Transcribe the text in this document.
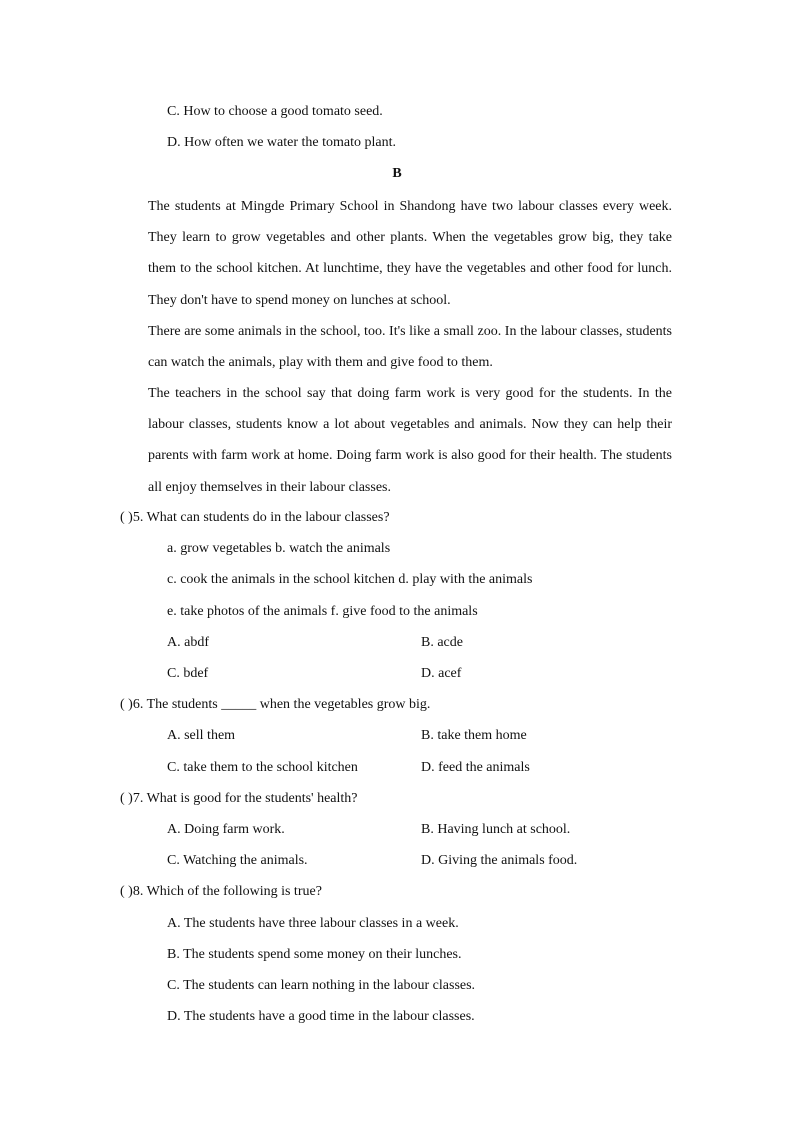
C. How to choose a good tomato seed.
D. How often we water the tomato plant.
B
The students at Mingde Primary School in Shandong have two labour classes every week. They learn to grow vegetables and other plants. When the vegetables grow big, they take them to the school kitchen. At lunchtime, they have the vegetables and other food for lunch. They don't have to spend money on lunches at school.
There are some animals in the school, too. It's like a small zoo. In the labour classes, students can watch the animals, play with them and give food to them.
The teachers in the school say that doing farm work is very good for the students. In the labour classes, students know a lot about vegetables and animals. Now they can help their parents with farm work at home. Doing farm work is also good for their health. The students all enjoy themselves in their labour classes.
( )5. What can students do in the labour classes?
a. grow vegetables b. watch the animals
c. cook the animals in the school kitchen d. play with the animals
e. take photos of the animals f. give food to the animals
A. abdf	B. acde
C. bdef	D. acef
( )6. The students _____ when the vegetables grow big.
A. sell them	B. take them home
C. take them to the school kitchen	D. feed the animals
( )7. What is good for the students' health?
A. Doing farm work.	B. Having lunch at school.
C. Watching the animals.	D. Giving the animals food.
( )8. Which of the following is true?
A. The students have three labour classes in a week.
B. The students spend some money on their lunches.
C. The students can learn nothing in the labour classes.
D. The students have a good time in the labour classes.
